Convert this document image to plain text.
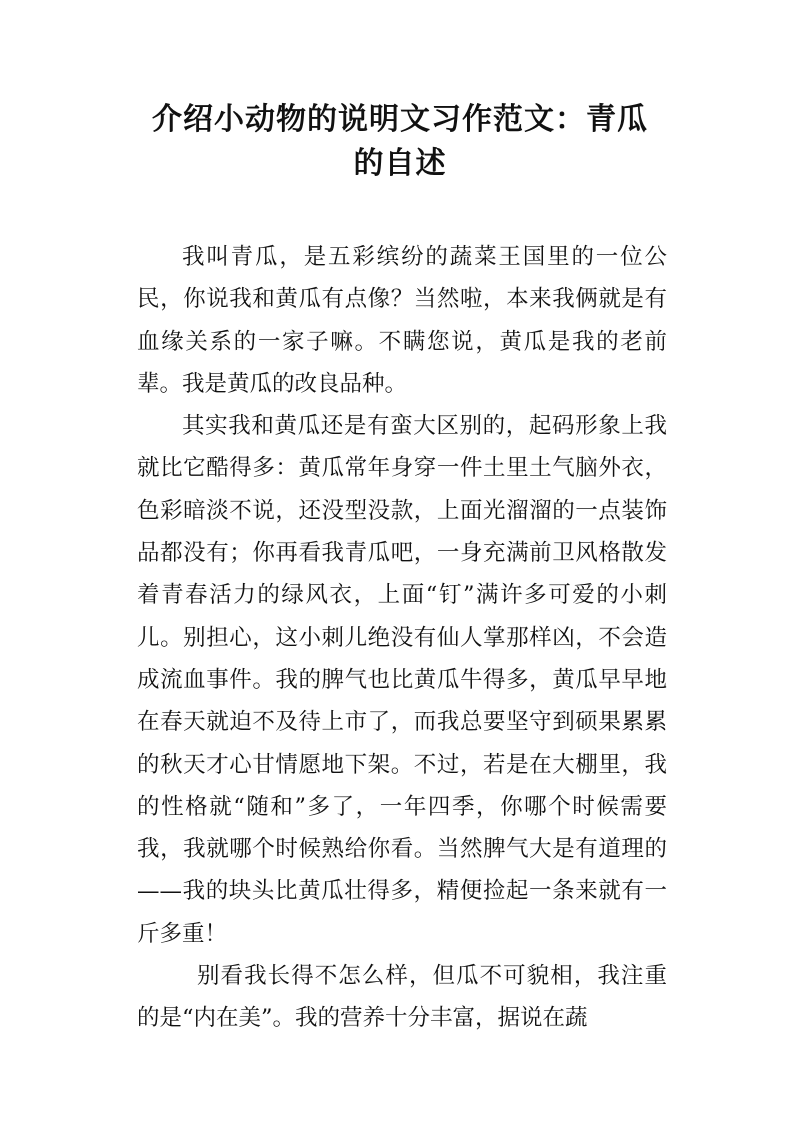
介绍小动物的说明文习作范文：青瓜
的自述

我叫青瓜，是五彩缤纷的蔬菜王国里的一位公民，你说我和黄瓜有点像？当然啦，本来我俩就是有血缘关系的一家子嘛。不瞒您说，黄瓜是我的老前辈。我是黄瓜的改良品种。

其实我和黄瓜还是有蛮大区别的，起码形象上我就比它酷得多：黄瓜常年身穿一件土里土气脑外衣，色彩暗淡不说，还没型没款，上面光溜溜的一点装饰品都没有；你再看我青瓜吧，一身充满前卫风格散发着青春活力的绿风衣，上面“钉”满许多可爱的小刺儿。别担心，这小刺儿绝没有仙人掌那样凶，不会造成流血事件。我的脾气也比黄瓜牛得多，黄瓜早早地在春天就迫不及待上市了，而我总要坚守到硕果累累的秋天才心甘情愿地下架。不过，若是在大棚里，我的性格就“随和”多了，一年四季，你哪个时候需要我，我就哪个时候熟给你看。当然脾气大是有道理的——我的块头比黄瓜壮得多，精便捡起一条来就有一斤多重！

别看我长得不怎么样，但瓜不可貌相，我注重的是“内在美”。我的营养十分丰富，据说在蔬
